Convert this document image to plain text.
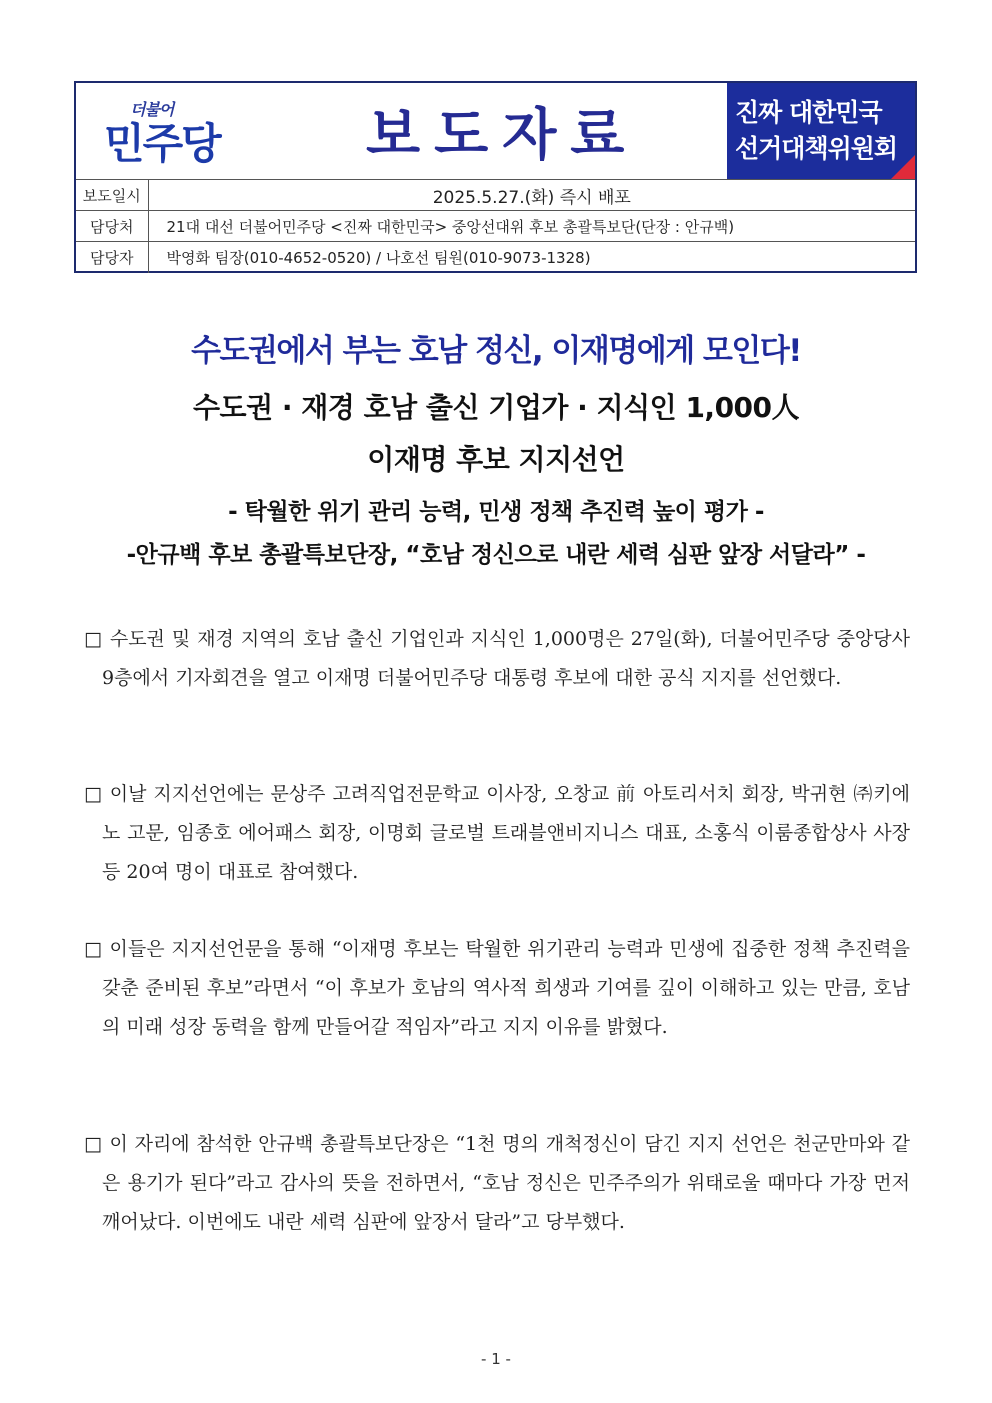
더불어
민주당	보도자료	진짜 대한민국
선거대책위원회
보도일시	2025.5.27.(화) 즉시 배포
담당처	21대 대선 더불어민주당 <진짜 대한민국> 중앙선대위 후보 총괄특보단(단장 : 안규백)
담당자	박영화 팀장(010-4652-0520) / 나호선 팀원(010-9073-1328)
수도권에서 부는 호남 정신, 이재명에게 모인다!
수도권 · 재경 호남 출신 기업가 · 지식인 1,000人
이재명 후보 지지선언
- 탁월한 위기 관리 능력, 민생 정책 추진력 높이 평가 -
-안규백 후보 총괄특보단장, “호남 정신으로 내란 세력 심판 앞장 서달라” -
□ 수도권 및 재경 지역의 호남 출신 기업인과 지식인 1,000명은 27일(화), 더불어민주당 중앙당사 9층에서 기자회견을 열고 이재명 더불어민주당 대통령 후보에 대한 공식 지지를 선언했다.
□ 이날 지지선언에는 문상주 고려직업전문학교 이사장, 오창교 前 아토리서치 회장, 박귀현 ㈜키에노 고문, 임종호 에어패스 회장, 이명회 글로벌 트래블앤비지니스 대표, 소홍식 이룸종합상사 사장 등 20여 명이 대표로 참여했다.
□ 이들은 지지선언문을 통해 “이재명 후보는 탁월한 위기관리 능력과 민생에 집중한 정책 추진력을 갖춘 준비된 후보”라면서 “이 후보가 호남의 역사적 희생과 기여를 깊이 이해하고 있는 만큼, 호남의 미래 성장 동력을 함께 만들어갈 적임자”라고 지지 이유를 밝혔다.
□ 이 자리에 참석한 안규백 총괄특보단장은 “1천 명의 개척정신이 담긴 지지 선언은 천군만마와 같은 용기가 된다”라고 감사의 뜻을 전하면서, “호남 정신은 민주주의가 위태로울 때마다 가장 먼저 깨어났다. 이번에도 내란 세력 심판에 앞장서 달라”고 당부했다.
- 1 -
